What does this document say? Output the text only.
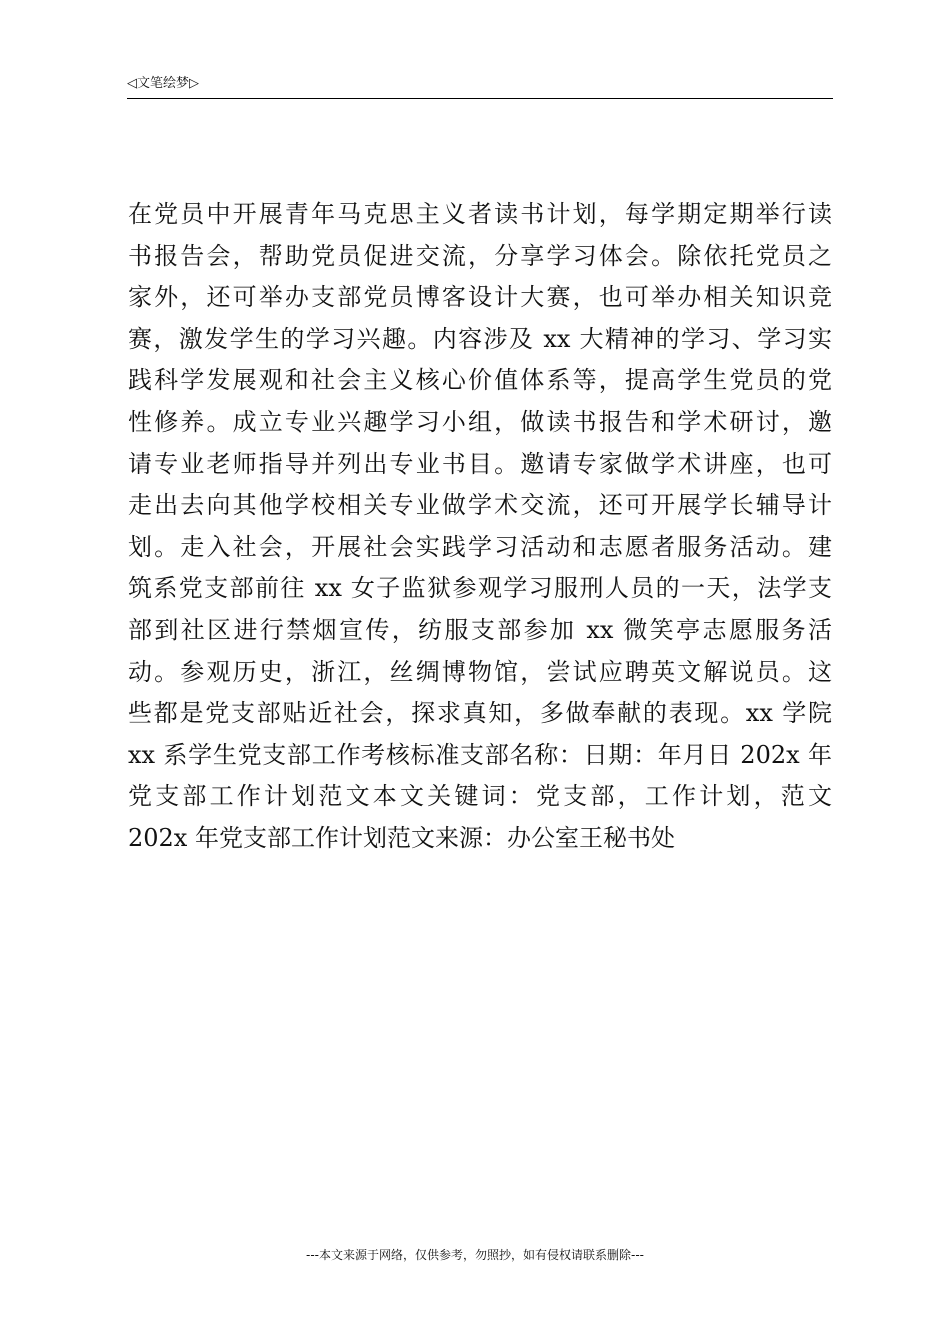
◁文笔绘梦▷
在党员中开展青年马克思主义者读书计划，每学期定期举行读
书报告会，帮助党员促进交流，分享学习体会。除依托党员之
家外，还可举办支部党员博客设计大赛，也可举办相关知识竞
赛，激发学生的学习兴趣。内容涉及 xx 大精神的学习、学习实
践科学发展观和社会主义核心价值体系等，提高学生党员的党
性修养。成立专业兴趣学习小组，做读书报告和学术研讨，邀
请专业老师指导并列出专业书目。邀请专家做学术讲座，也可
走出去向其他学校相关专业做学术交流，还可开展学长辅导计
划。走入社会，开展社会实践学习活动和志愿者服务活动。建
筑系党支部前往 xx 女子监狱参观学习服刑人员的一天，法学支
部到社区进行禁烟宣传，纺服支部参加 xx 微笑亭志愿服务活
动。参观历史，浙江，丝绸博物馆，尝试应聘英文解说员。这
些都是党支部贴近社会，探求真知，多做奉献的表现。xx 学院
xx 系学生党支部工作考核标准支部名称：日期：年月日 202x 年
党支部工作计划范文本文关键词：党支部，工作计划，范文
202x 年党支部工作计划范文来源：办公室王秘书处
---本文来源于网络，仅供参考，勿照抄，如有侵权请联系删除---
